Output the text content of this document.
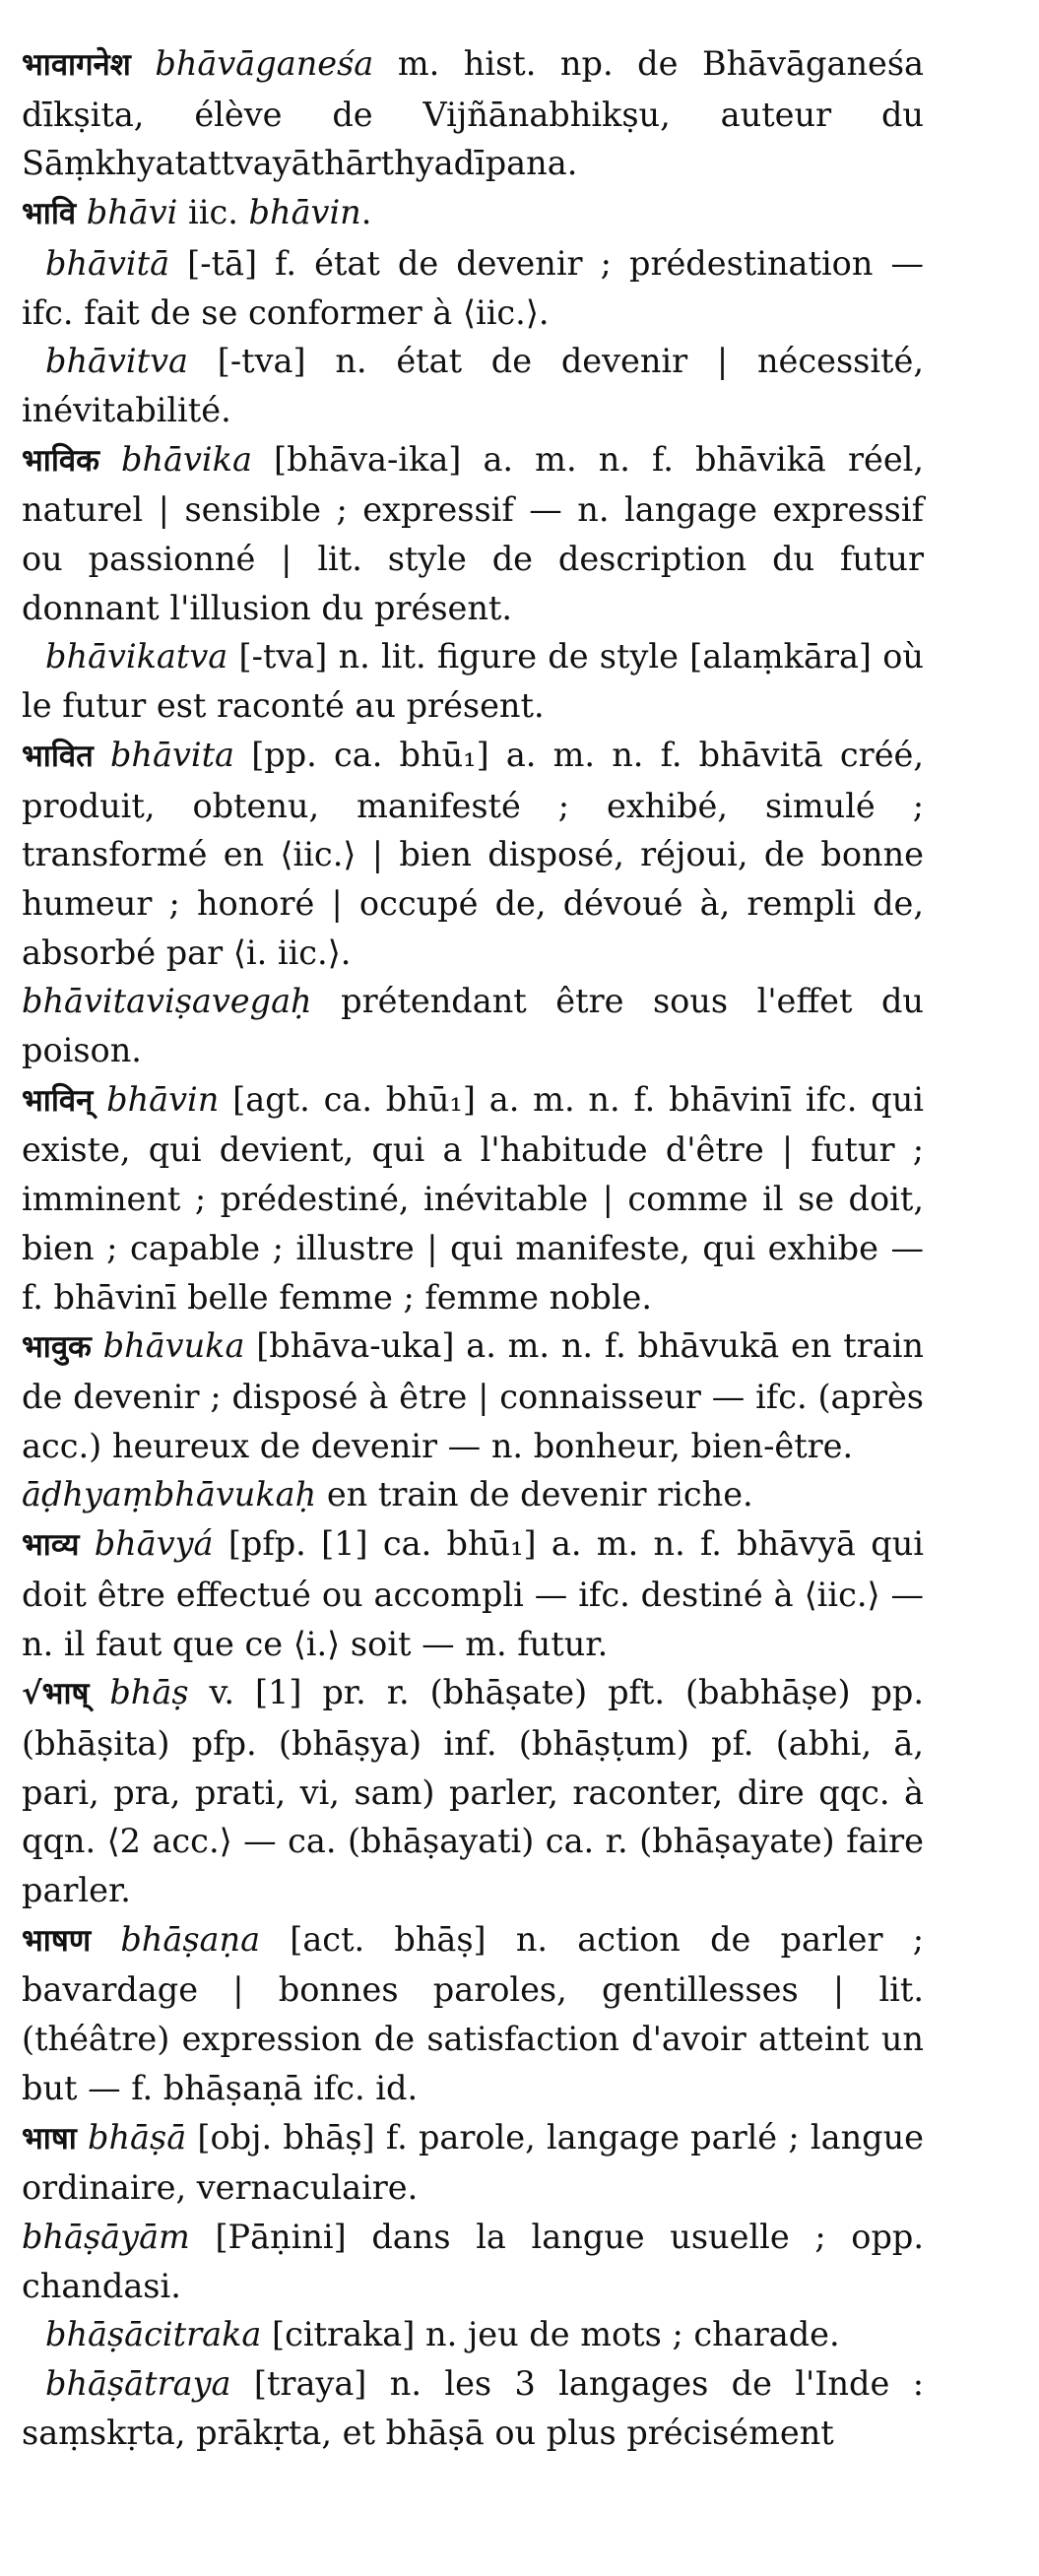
भावागनेश bhāvāganeśa m. hist. np. de Bhāvāganeśa dīkṣita, élève de Vijñānabhikṣu, auteur du Sāṃkhyatattvayāthārthyadīpana.

भावि bhāvi iic. bhāvin.

bhāvitā [-tā] f. état de devenir ; prédestination — ifc. fait de se conformer à ⟨iic.⟩.

bhāvitva [-tva] n. état de devenir | nécessité, inévitabilité.

भाविक bhāvika [bhāva-ika] a. m. n. f. bhāvikā réel, naturel | sensible ; expressif — n. langage expressif ou passionné | lit. style de description du futur donnant l'illusion du présent.

bhāvikatva [-tva] n. lit. figure de style [alaṃkāra] où le futur est raconté au présent.

भावित bhāvita [pp. ca. bhū₁] a. m. n. f. bhāvitā créé, produit, obtenu, manifesté ; exhibé, simulé ; transformé en ⟨iic.⟩ | bien disposé, réjoui, de bonne humeur ; honoré | occupé de, dévoué à, rempli de, absorbé par ⟨i. iic.⟩.

bhāvitaviṣavegaḥ prétendant être sous l'effet du poison.

भाविन् bhāvin [agt. ca. bhū₁] a. m. n. f. bhāvinī ifc. qui existe, qui devient, qui a l'habitude d'être | futur ; imminent ; prédestiné, inévitable | comme il se doit, bien ; capable ; illustre | qui manifeste, qui exhibe — f. bhāvinī belle femme ; femme noble.

भावुक bhāvuka [bhāva-uka] a. m. n. f. bhāvukā en train de devenir ; disposé à être | connaisseur — ifc. (après acc.) heureux de devenir — n. bonheur, bien-être.

āḍhyaṃbhāvukaḥ en train de devenir riche.

भाव्य bhāvyá [pfp. [1] ca. bhū₁] a. m. n. f. bhāvyā qui doit être effectué ou accompli — ifc. destiné à ⟨iic.⟩ — n. il faut que ce ⟨i.⟩ soit — m. futur.

√भाष् bhāṣ v. [1] pr. r. (bhāṣate) pft. (babhāṣe) pp. (bhāṣita) pfp. (bhāṣya) inf. (bhāṣṭum) pf. (abhi, ā, pari, pra, prati, vi, sam) parler, raconter, dire qqc. à qqn. ⟨2 acc.⟩ — ca. (bhāṣayati) ca. r. (bhāṣayate) faire parler.

भाषण bhāṣaṇa [act. bhāṣ] n. action de parler ; bavardage | bonnes paroles, gentillesses | lit. (théâtre) expression de satisfaction d'avoir atteint un but — f. bhāṣaṇā ifc. id.

भाषा bhāṣā [obj. bhāṣ] f. parole, langage parlé ; langue ordinaire, vernaculaire.

bhāṣāyām [Pāṇini] dans la langue usuelle ; opp. chandasi.

bhāṣācitraka [citraka] n. jeu de mots ; charade.

bhāṣātraya [traya] n. les 3 langages de l'Inde : saṃskṛta, prākṛta, et bhāṣā ou plus précisément
